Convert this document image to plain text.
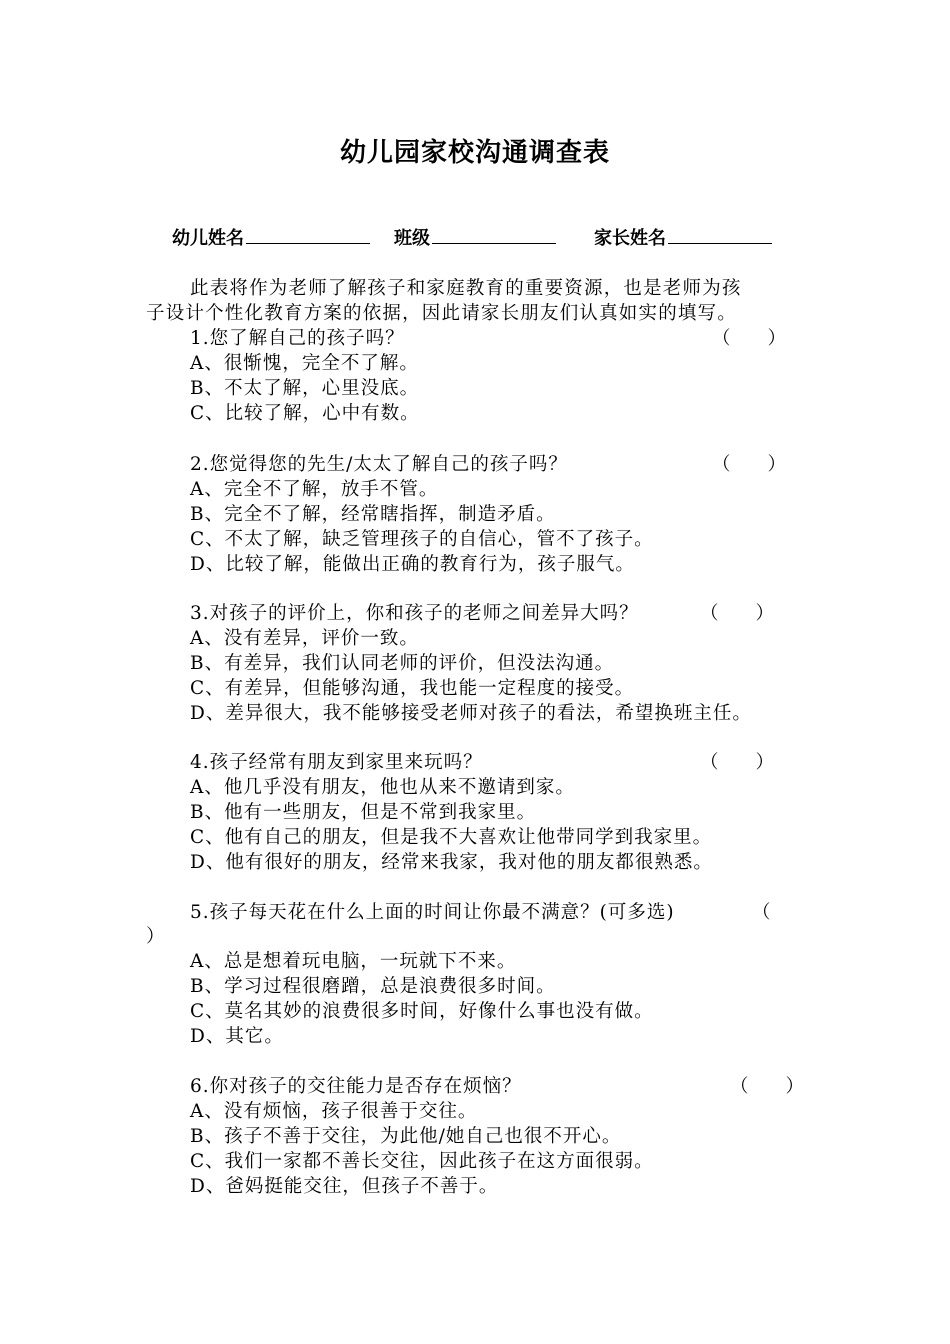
幼儿园家校沟通调查表
幼儿姓名	班级	家长姓名
此表将作为老师了解孩子和家庭教育的重要资源，也是老师为孩
子设计个性化教育方案的依据，因此请家长朋友们认真如实的填写。
1.您了解自己的孩子吗？	（　　）
A、很惭愧，完全不了解。
B、不太了解，心里没底。
C、比较了解，心中有数。
2.您觉得您的先生/太太了解自己的孩子吗？	（　　）
A、完全不了解，放手不管。
B、完全不了解，经常瞎指挥，制造矛盾。
C、不太了解，缺乏管理孩子的自信心，管不了孩子。
D、比较了解，能做出正确的教育行为，孩子服气。
3.对孩子的评价上，你和孩子的老师之间差异大吗？	（　　）
A、没有差异，评价一致。
B、有差异，我们认同老师的评价，但没法沟通。
C、有差异，但能够沟通，我也能一定程度的接受。
D、差异很大，我不能够接受老师对孩子的看法，希望换班主任。
4.孩子经常有朋友到家里来玩吗？	（　　）
A、他几乎没有朋友，他也从来不邀请到家。
B、他有一些朋友，但是不常到我家里。
C、他有自己的朋友，但是我不大喜欢让他带同学到我家里。
D、他有很好的朋友，经常来我家，我对他的朋友都很熟悉。
5.孩子每天花在什么上面的时间让你最不满意？(可多选)	（
）
A、总是想着玩电脑，一玩就下不来。
B、学习过程很磨蹭，总是浪费很多时间。
C、莫名其妙的浪费很多时间，好像什么事也没有做。
D、其它。
6.你对孩子的交往能力是否存在烦恼？	（　　）
A、没有烦恼，孩子很善于交往。
B、孩子不善于交往，为此他/她自己也很不开心。
C、我们一家都不善长交往，因此孩子在这方面很弱。
D、爸妈挺能交往，但孩子不善于。
